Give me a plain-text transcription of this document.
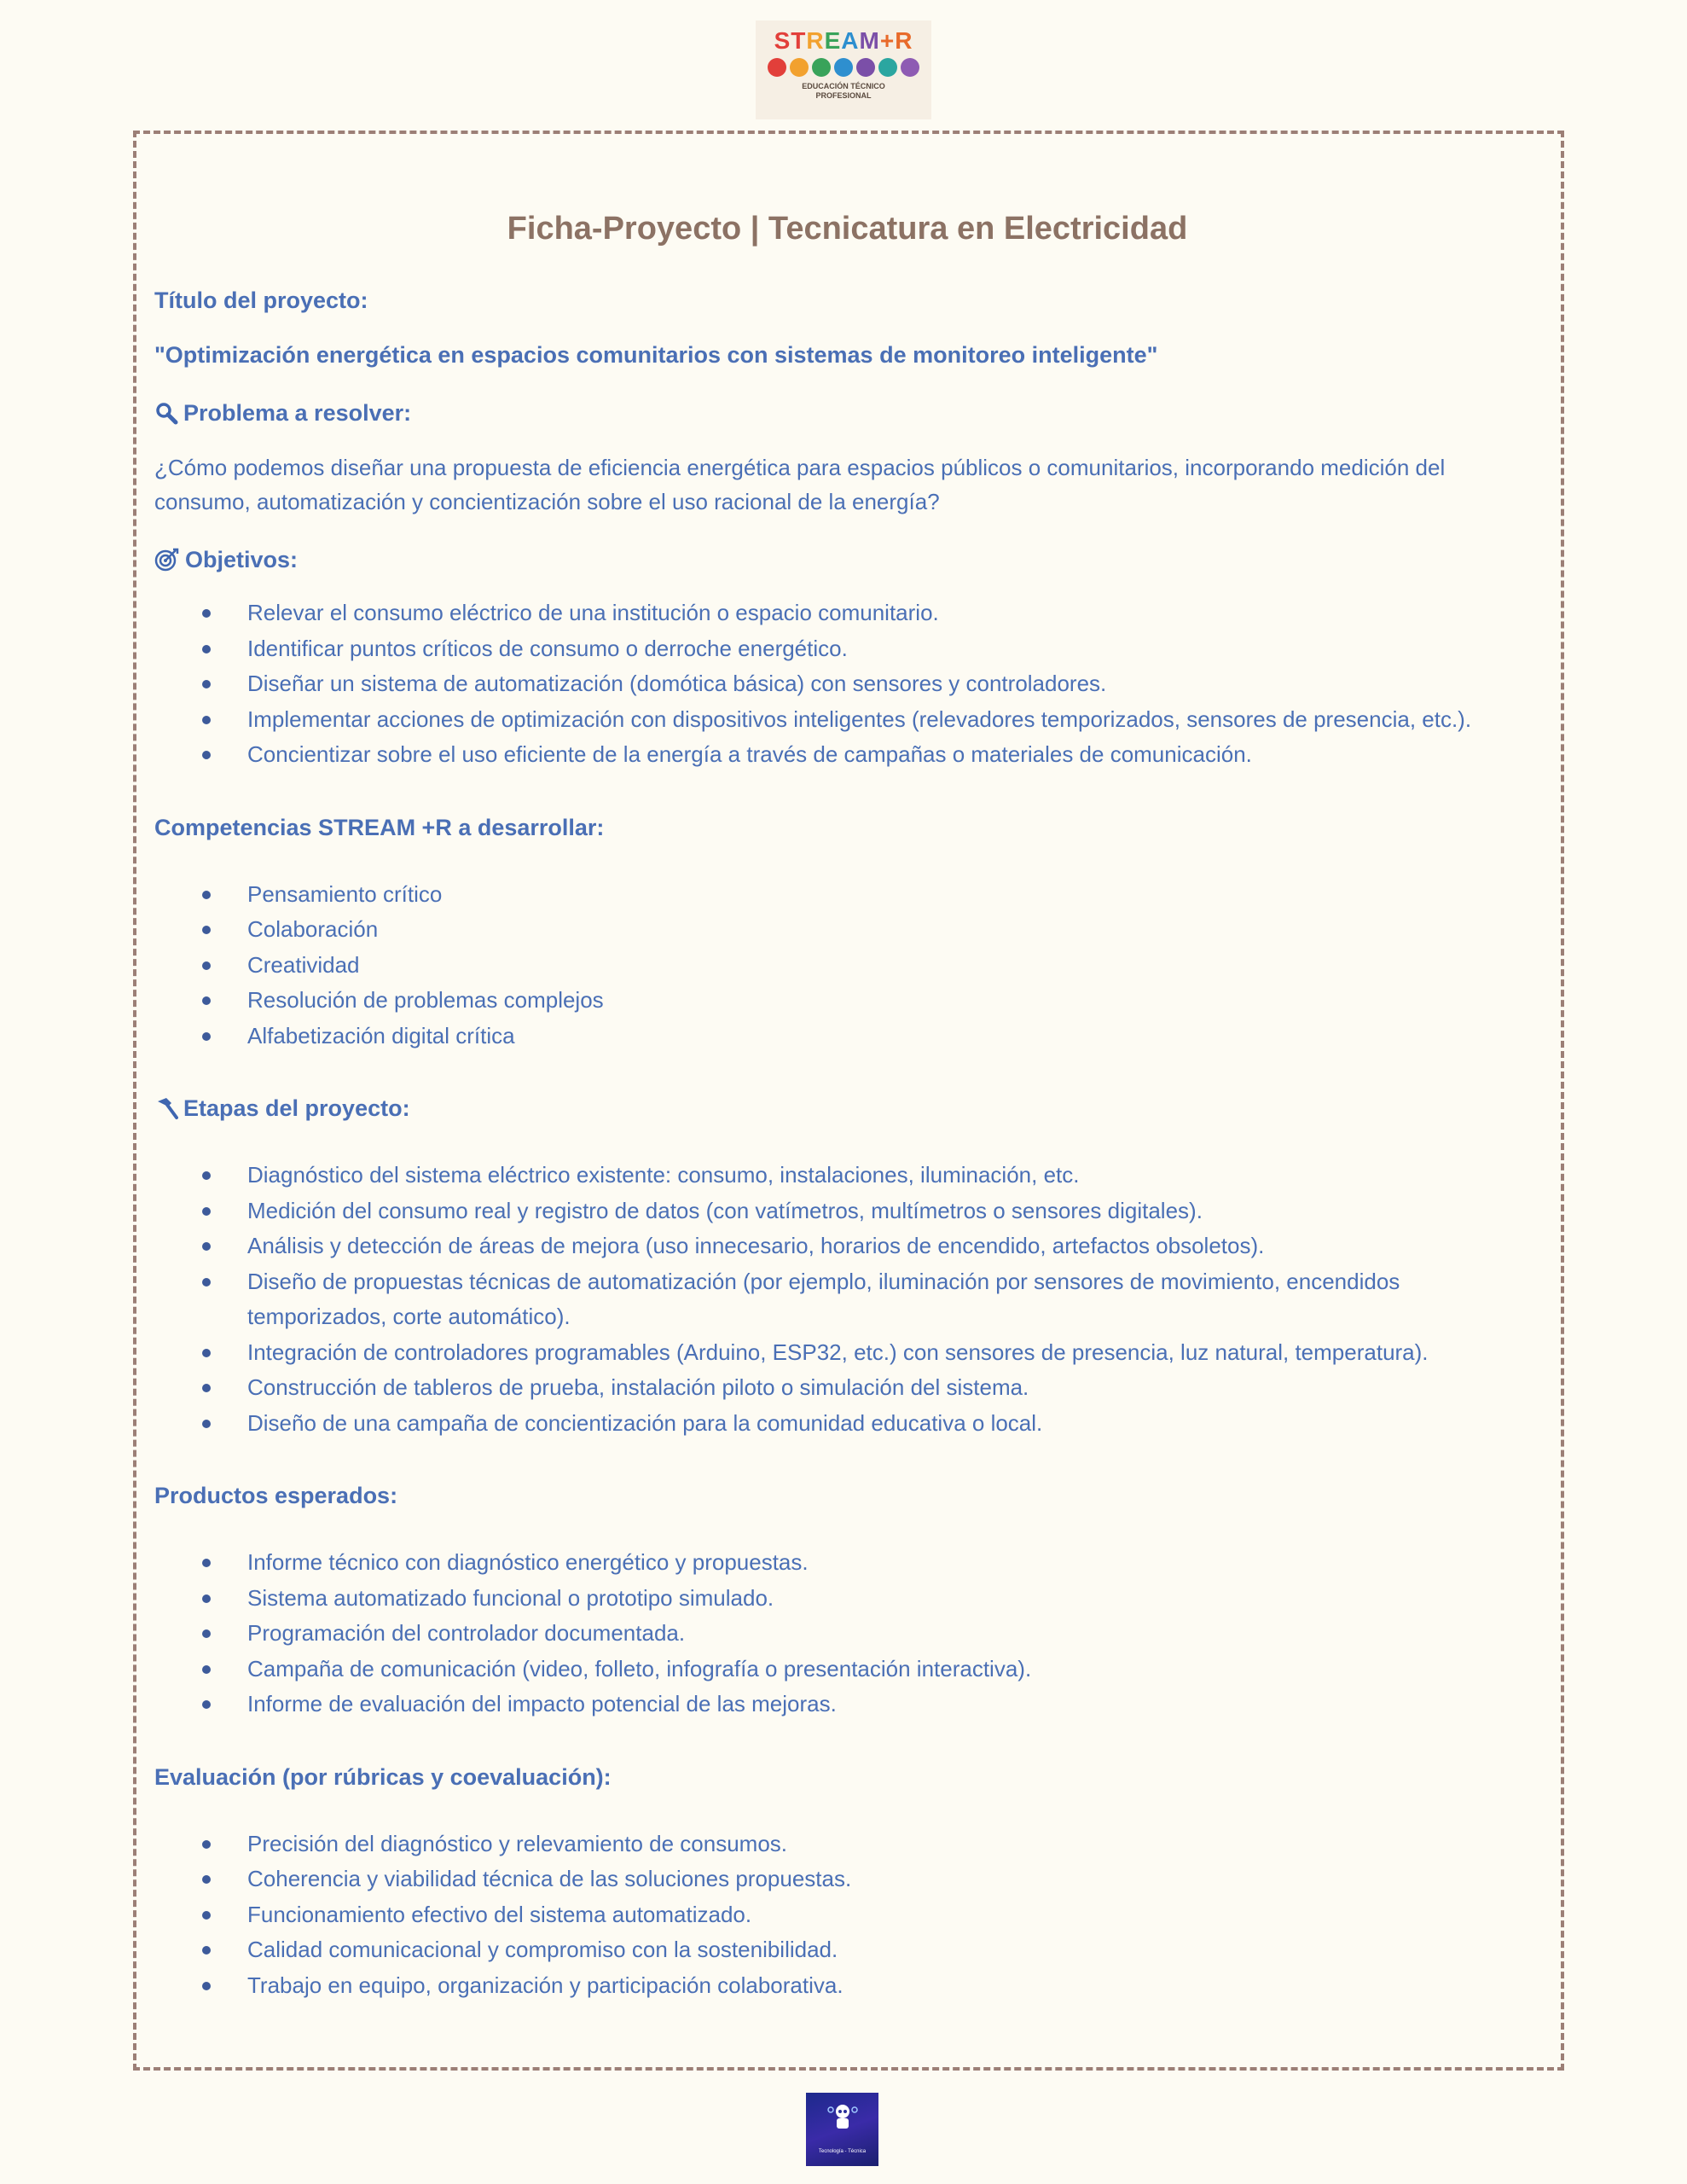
STREAM+R
EDUCACIÓN TÉCNICO
PROFESIONAL
Ficha-Proyecto | Tecnicatura en Electricidad

Título del proyecto:

"Optimización energética en espacios comunitarios con sistemas de monitoreo inteligente"

Problema a resolver:

¿Cómo podemos diseñar una propuesta de eficiencia energética para espacios públicos o comunitarios, incorporando medición del consumo, automatización y concientización sobre el uso racional de la energía?

Objetivos:
Relevar el consumo eléctrico de una institución o espacio comunitario.
Identificar puntos críticos de consumo o derroche energético.
Diseñar un sistema de automatización (domótica básica) con sensores y controladores.
Implementar acciones de optimización con dispositivos inteligentes (relevadores temporizados, sensores de presencia, etc.).
Concientizar sobre el uso eficiente de la energía a través de campañas o materiales de comunicación.

Competencias STREAM +R a desarrollar:

Pensamiento crítico
Colaboración
Creatividad
Resolución de problemas complejos
Alfabetización digital crítica
Etapas del proyecto:
Diagnóstico del sistema eléctrico existente: consumo, instalaciones, iluminación, etc.
Medición del consumo real y registro de datos (con vatímetros, multímetros o sensores digitales).
Análisis y detección de áreas de mejora (uso innecesario, horarios de encendido, artefactos obsoletos).
Diseño de propuestas técnicas de automatización (por ejemplo, iluminación por sensores de movimiento, encendidos temporizados, corte automático).
Integración de controladores programables (Arduino, ESP32, etc.) con sensores de presencia, luz natural, temperatura).
Construcción de tableros de prueba, instalación piloto o simulación del sistema.
Diseño de una campaña de concientización para la comunidad educativa o local.

Productos esperados:

Informe técnico con diagnóstico energético y propuestas.
Sistema automatizado funcional o prototipo simulado.
Programación del controlador documentada.
Campaña de comunicación (video, folleto, infografía o presentación interactiva).
Informe de evaluación del impacto potencial de las mejoras.

Evaluación (por rúbricas y coevaluación):

Precisión del diagnóstico y relevamiento de consumos.
Coherencia y viabilidad técnica de las soluciones propuestas.
Funcionamiento efectivo del sistema automatizado.
Calidad comunicacional y compromiso con la sostenibilidad.
Trabajo en equipo, organización y participación colaborativa.
Tecnología - Técnica
